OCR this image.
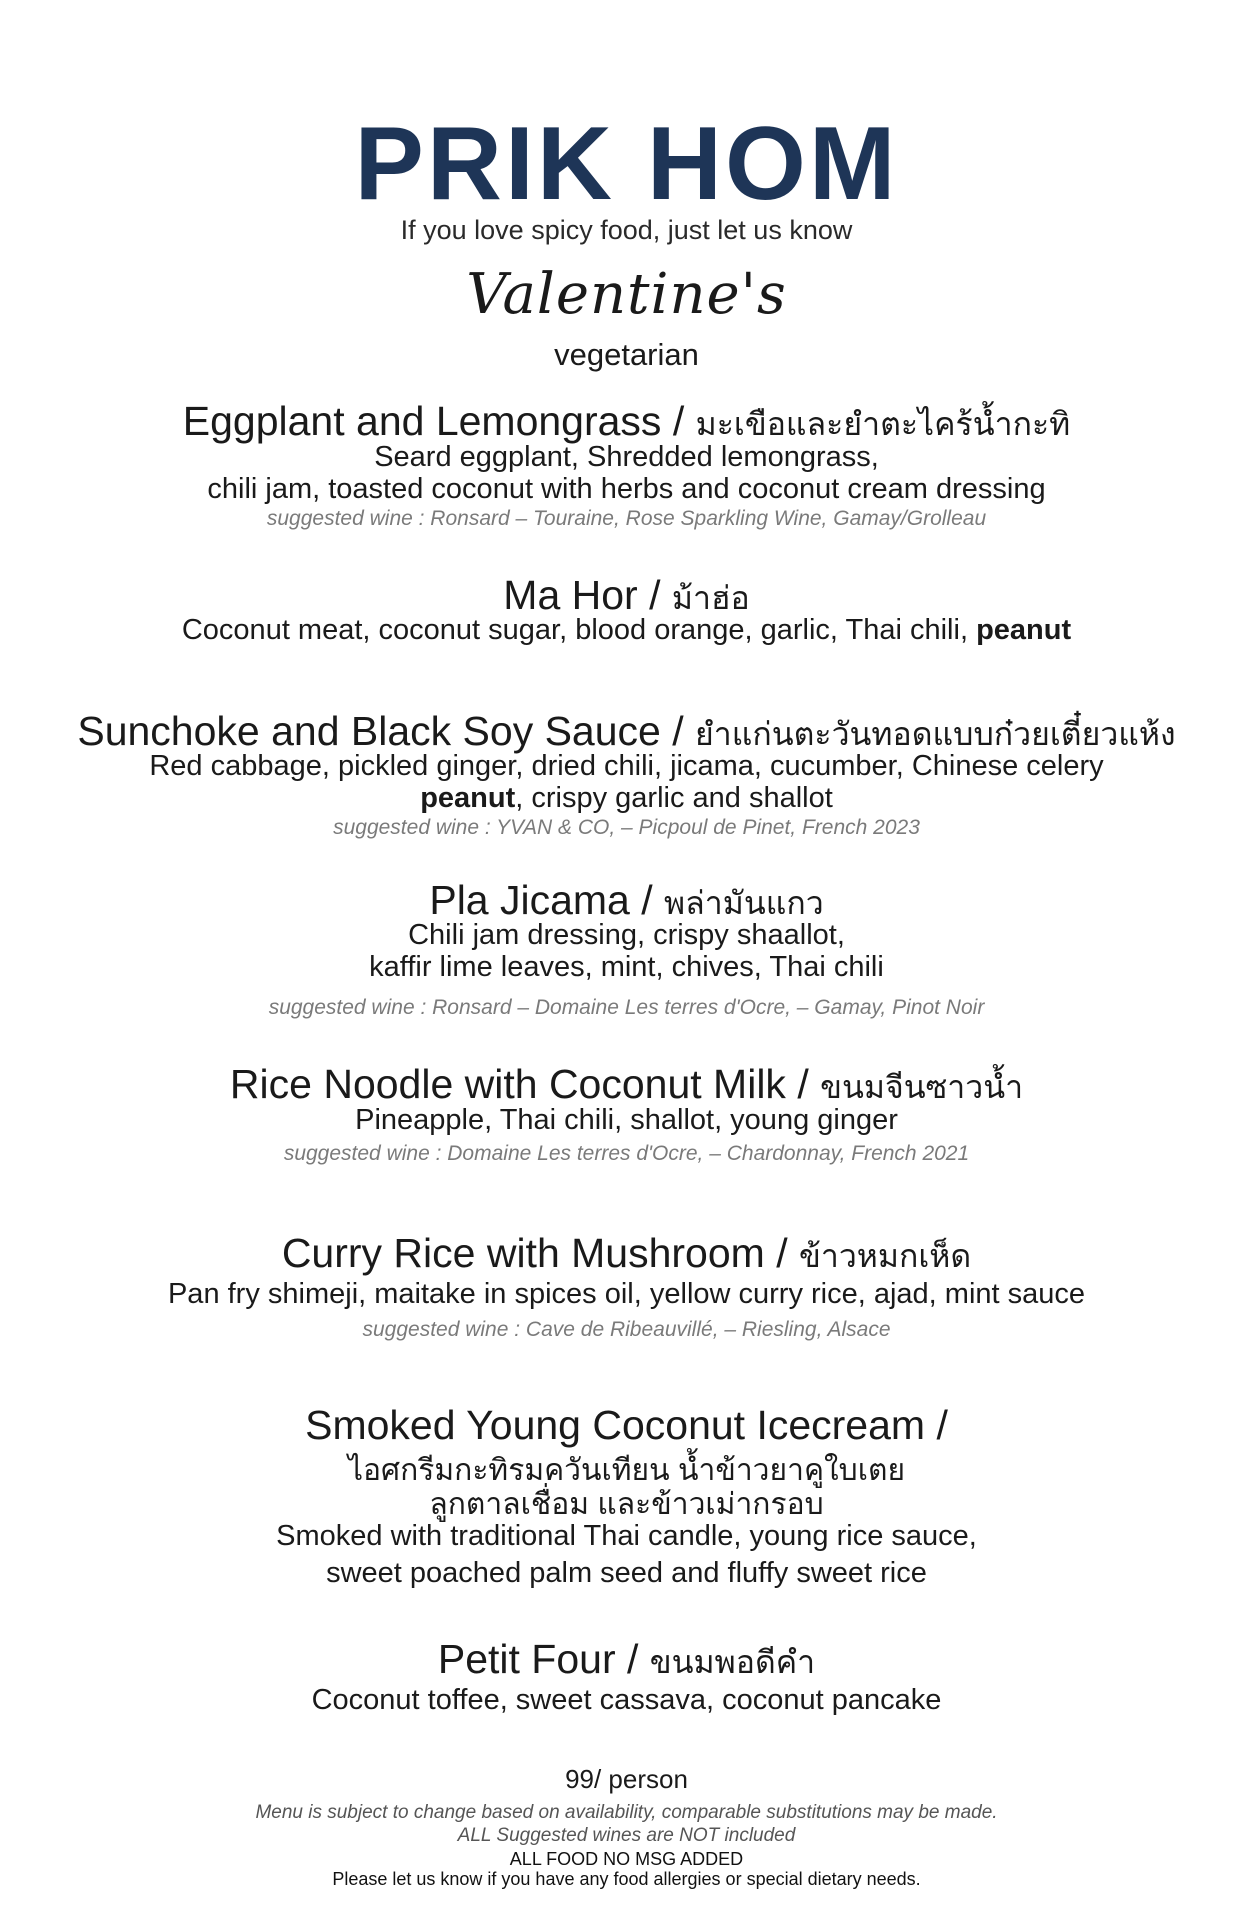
PRIK HOM
If you love spicy food, just let us know
Valentine's
vegetarian
Eggplant and Lemongrass / มะเขือและยำตะไคร้น้ำกะทิ
Seard eggplant, Shredded lemongrass,
chili jam, toasted coconut with herbs and coconut cream dressing
suggested wine : Ronsard – Touraine, Rose Sparkling Wine, Gamay/Grolleau
Ma Hor / ม้าฮ่อ
Coconut meat, coconut sugar, blood orange, garlic, Thai chili, peanut
Sunchoke and Black Soy Sauce / ยำแก่นตะวันทอดแบบก๋วยเตี๋ยวแห้ง
Red cabbage, pickled ginger, dried chili, jicama, cucumber, Chinese celery
peanut, crispy garlic and shallot
suggested wine : YVAN & CO, – Picpoul de Pinet, French 2023
Pla Jicama / พล่ามันแกว
Chili jam dressing, crispy shaallot,
kaffir lime leaves, mint, chives, Thai chili
suggested wine : Ronsard – Domaine Les terres d'Ocre, – Gamay, Pinot Noir
Rice Noodle with Coconut Milk / ขนมจีนซาวน้ำ
Pineapple, Thai chili, shallot, young ginger
suggested wine : Domaine Les terres d'Ocre, – Chardonnay, French 2021
Curry Rice with Mushroom / ข้าวหมกเห็ด
Pan fry shimeji, maitake in spices oil, yellow curry rice, ajad, mint sauce
suggested wine : Cave de Ribeauvillé, – Riesling, Alsace
Smoked Young Coconut Icecream /
ไอศกรีมกะทิรมควันเทียน น้ำข้าวยาคูใบเตย
ลูกตาลเชื่อม และข้าวเม่ากรอบ
Smoked with traditional Thai candle, young rice sauce,
sweet poached palm seed and fluffy sweet rice
Petit Four / ขนมพอดีคำ
Coconut toffee, sweet cassava, coconut pancake
99/ person
Menu is subject to change based on availability, comparable substitutions may be made.
ALL Suggested wines are NOT included
ALL FOOD NO MSG ADDED
Please let us know if you have any food allergies or special dietary needs.
